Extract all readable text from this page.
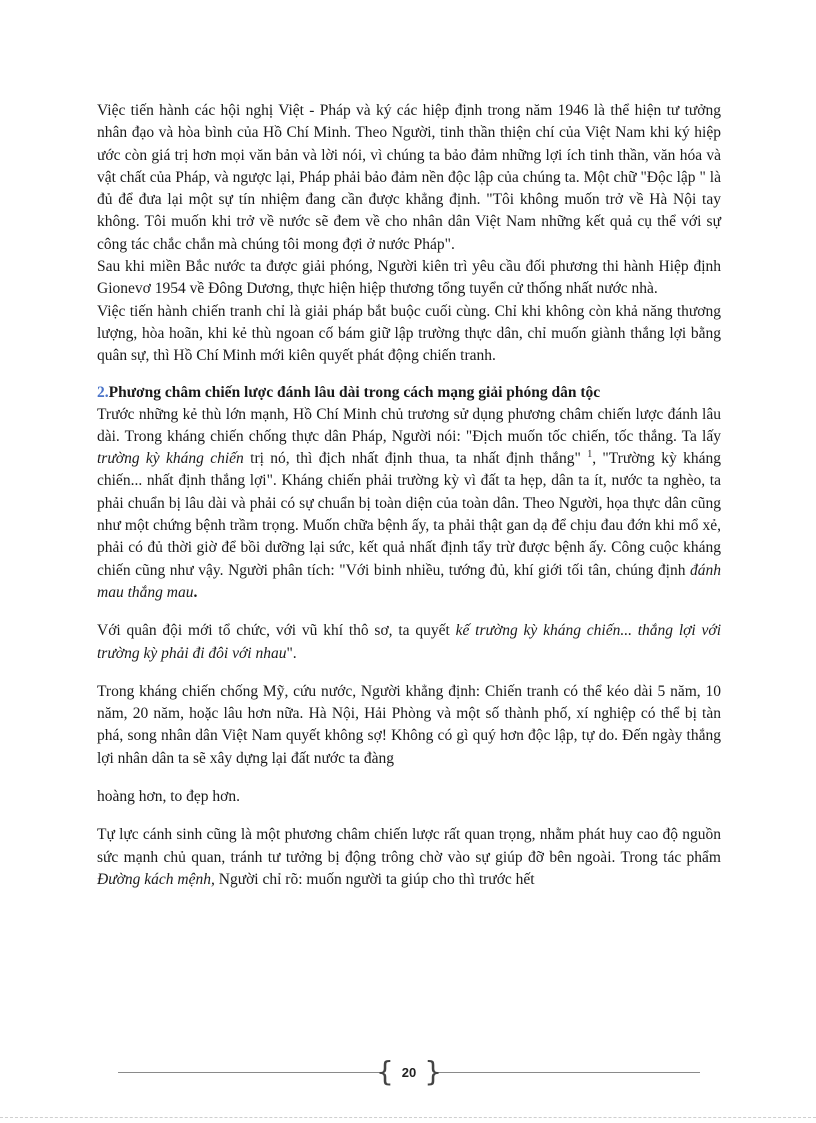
Việc tiến hành các hội nghị Việt - Pháp và ký các hiệp định trong năm 1946 là thể hiện tư tưởng nhân đạo và hòa bình của Hồ Chí Minh. Theo Người, tinh thần thiện chí của Việt Nam khi ký hiệp ước còn giá trị hơn mọi văn bản và lời nói, vì chúng ta bảo đảm những lợi ích tinh thần, văn hóa và vật chất của Pháp, và ngược lại, Pháp phải bảo đảm nền độc lập của chúng ta. Một chữ "Độc lập " là đủ để đưa lại một sự tín nhiệm đang cần được khẳng định. "Tôi không muốn trở về Hà Nội tay không. Tôi muốn khi trở về nước sẽ đem về cho nhân dân Việt Nam những kết quả cụ thể với sự công tác chắc chắn mà chúng tôi mong đợi ở nước Pháp".

Sau khi miền Bắc nước ta được giải phóng, Người kiên trì yêu cầu đối phương thi hành Hiệp định Gionevơ 1954 về Đông Dương, thực hiện hiệp thương tổng tuyển cử thống nhất nước nhà.

Việc tiến hành chiến tranh chỉ là giải pháp bắt buộc cuối cùng. Chỉ khi không còn khả năng thương lượng, hòa hoãn, khi kẻ thù ngoan cố bám giữ lập trường thực dân, chỉ muốn giành thắng lợi bằng quân sự, thì Hồ Chí Minh mới kiên quyết phát động chiến tranh.

2.Phương châm chiến lược đánh lâu dài trong cách mạng giải phóng dân tộc

Trước những kẻ thù lớn mạnh, Hồ Chí Minh chủ trương sử dụng phương châm chiến lược đánh lâu dài. Trong kháng chiến chống thực dân Pháp, Người nói: "Địch muốn tốc chiến, tốc thắng. Ta lấy trường kỳ kháng chiến trị nó, thì địch nhất định thua, ta nhất định thắng" $^1$, "Trường kỳ kháng chiến... nhất định thắng lợi". Kháng chiến phải trường kỳ vì đất ta hẹp, dân ta ít, nước ta nghèo, ta phải chuẩn bị lâu dài và phải có sự chuẩn bị toàn diện của toàn dân. Theo Người, họa thực dân cũng như một chứng bệnh trầm trọng. Muốn chữa bệnh ấy, ta phải thật gan dạ để chịu đau đớn khi mổ xẻ, phải có đủ thời giờ để bồi dưỡng lại sức, kết quả nhất định tẩy trừ được bệnh ấy. Công cuộc kháng chiến cũng như vậy. Người phân tích: "Với binh nhiều, tướng đủ, khí giới tối tân, chúng định đánh mau thắng mau.

Với quân đội mới tổ chức, với vũ khí thô sơ, ta quyết kế trường kỳ kháng chiến... thắng lợi với trường kỳ phải đi đôi với nhau".

Trong kháng chiến chống Mỹ, cứu nước, Người khẳng định: Chiến tranh có thể kéo dài 5 năm, 10 năm, 20 năm, hoặc lâu hơn nữa. Hà Nội, Hải Phòng và một số thành phố, xí nghiệp có thể bị tàn phá, song nhân dân Việt Nam quyết không sợ! Không có gì quý hơn độc lập, tự do. Đến ngày thắng lợi nhân dân ta sẽ xây dựng lại đất nước ta đàng

hoàng hơn, to đẹp hơn.

Tự lực cánh sinh cũng là một phương châm chiến lược rất quan trọng, nhằm phát huy cao độ nguồn sức mạnh chủ quan, tránh tư tưởng bị động trông chờ vào sự giúp đỡ bên ngoài. Trong tác phẩm Đường kách mệnh, Người chỉ rõ: muốn người ta giúp cho thì trước hết

{ 20 }
